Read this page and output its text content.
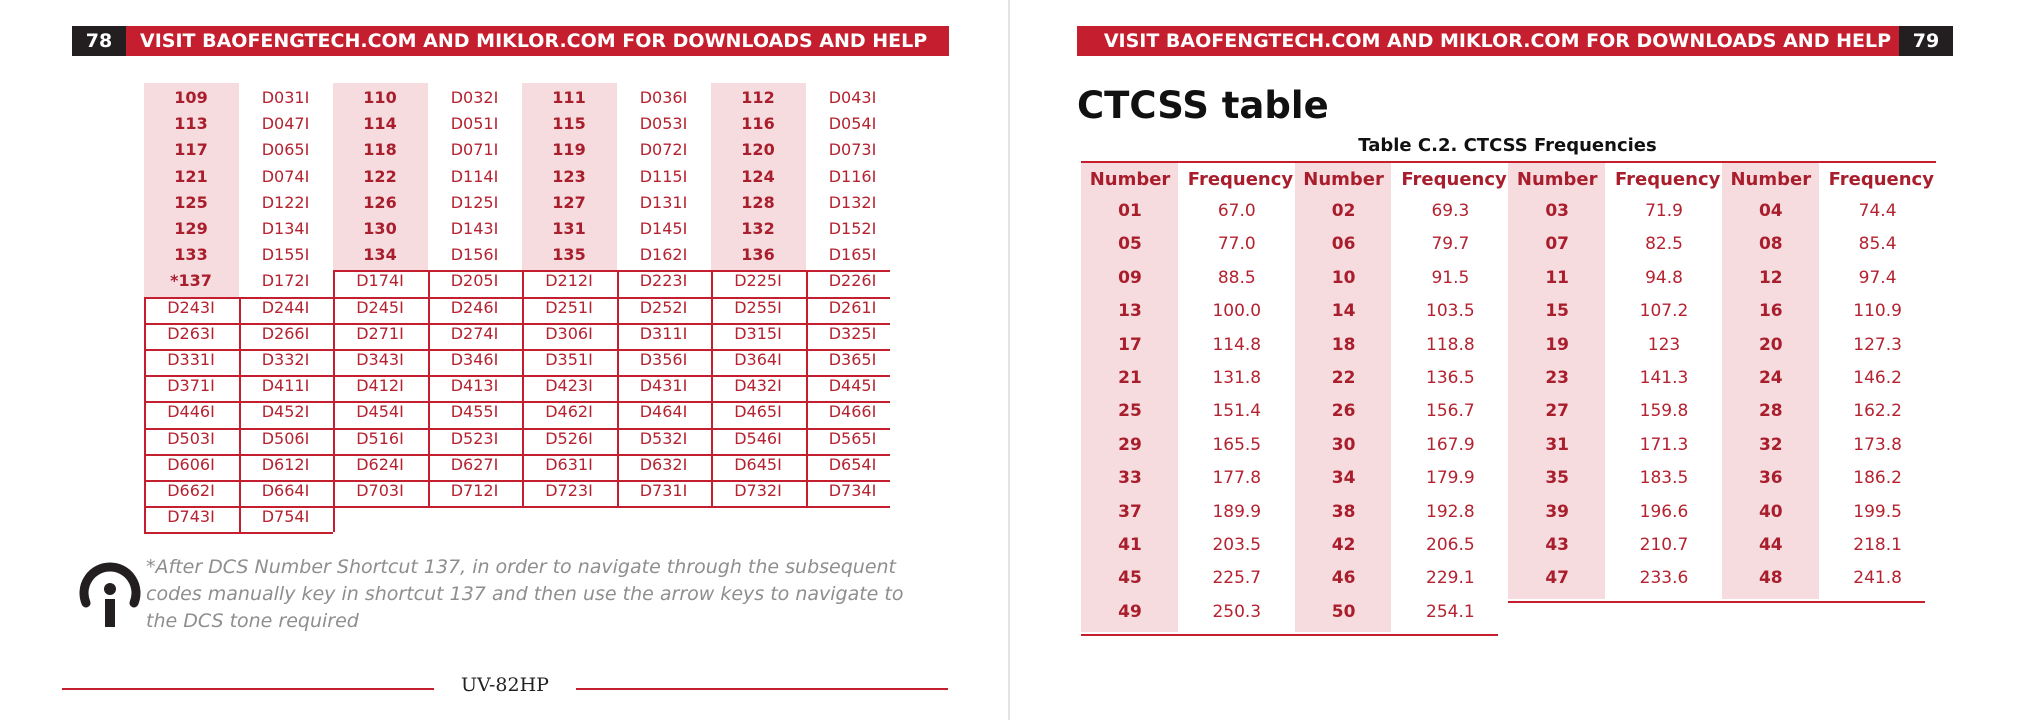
78	VISIT BAOFENGTECH.COM AND MIKLOR.COM FOR DOWNLOADS AND HELP
109	D031I	110	D032I	111	D036I	112	D043I
113	D047I	114	D051I	115	D053I	116	D054I
117	D065I	118	D071I	119	D072I	120	D073I
121	D074I	122	D114I	123	D115I	124	D116I
125	D122I	126	D125I	127	D131I	128	D132I
129	D134I	130	D143I	131	D145I	132	D152I
133	D155I	134	D156I	135	D162I	136	D165I
*137	D172I	D174I	D205I	D212I	D223I	D225I	D226I
D243I	D244I	D245I	D246I	D251I	D252I	D255I	D261I
D263I	D266I	D271I	D274I	D306I	D311I	D315I	D325I
D331I	D332I	D343I	D346I	D351I	D356I	D364I	D365I
D371I	D411I	D412I	D413I	D423I	D431I	D432I	D445I
D446I	D452I	D454I	D455I	D462I	D464I	D465I	D466I
D503I	D506I	D516I	D523I	D526I	D532I	D546I	D565I
D606I	D612I	D624I	D627I	D631I	D632I	D645I	D654I
D662I	D664I	D703I	D712I	D723I	D731I	D732I	D734I
D743I	D754I
*After DCS Number Shortcut 137, in order to navigate through the subsequent codes manually key in shortcut 137 and then use the arrow keys to navigate to the DCS tone required
UV-82HP
VISIT BAOFENGTECH.COM AND MIKLOR.COM FOR DOWNLOADS AND HELP	79
CTCSS table
Table C.2. CTCSS Frequencies
Number Frequency Number Frequency Number Frequency Number Frequency
01	67.0	02	69.3	03	71.9	04	74.4
05	77.0	06	79.7	07	82.5	08	85.4
09	88.5	10	91.5	11	94.8	12	97.4
13	100.0	14	103.5	15	107.2	16	110.9
17	114.8	18	118.8	19	123	20	127.3
21	131.8	22	136.5	23	141.3	24	146.2
25	151.4	26	156.7	27	159.8	28	162.2
29	165.5	30	167.9	31	171.3	32	173.8
33	177.8	34	179.9	35	183.5	36	186.2
37	189.9	38	192.8	39	196.6	40	199.5
41	203.5	42	206.5	43	210.7	44	218.1
45	225.7	46	229.1	47	233.6	48	241.8
49	250.3	50	254.1
